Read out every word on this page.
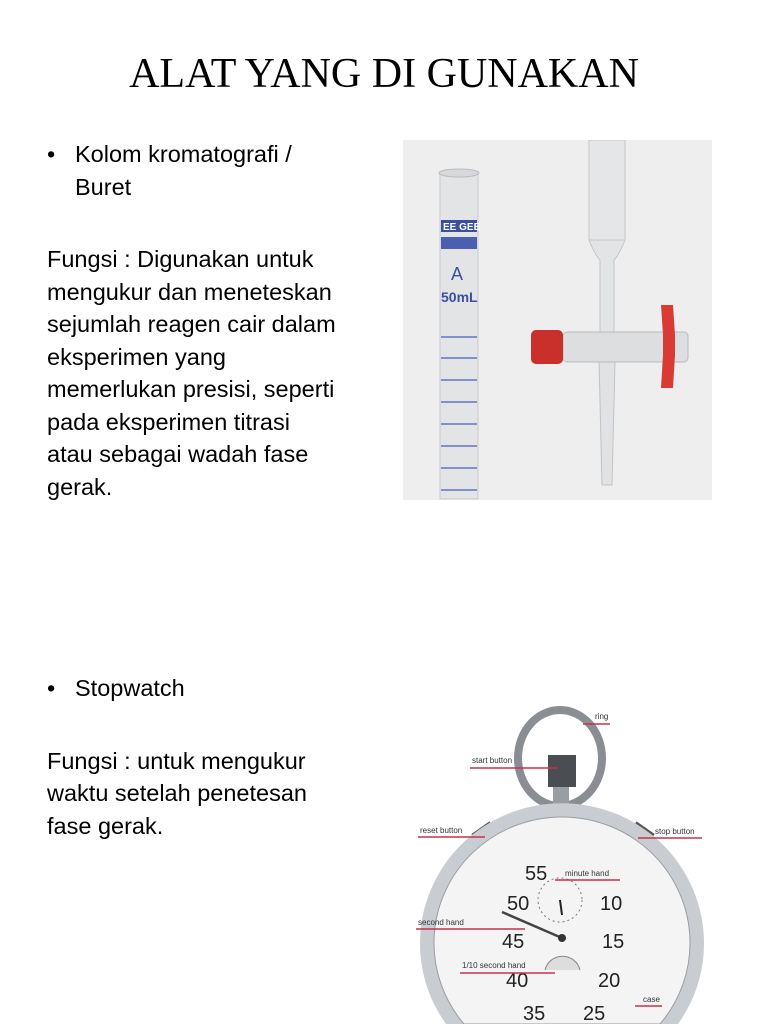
ALAT YANG DI GUNAKAN
• Kolom kromatografi /
Buret
Fungsi : Digunakan untuk
mengukur dan meneteskan
sejumlah reagen cair dalam
eksperimen yang
memerlukan presisi, seperti
pada eksperimen titrasi
atau sebagai wadah fase
gerak.
• Stopwatch
Fungsi : untuk mengukur
waktu setelah penetesan
fase gerak.
EE GEE
A
50mL
55
50
45
40
35 25
20
15
10
ring
start button
reset button	stop button
minute hand
second hand
1/10 second hand
case
